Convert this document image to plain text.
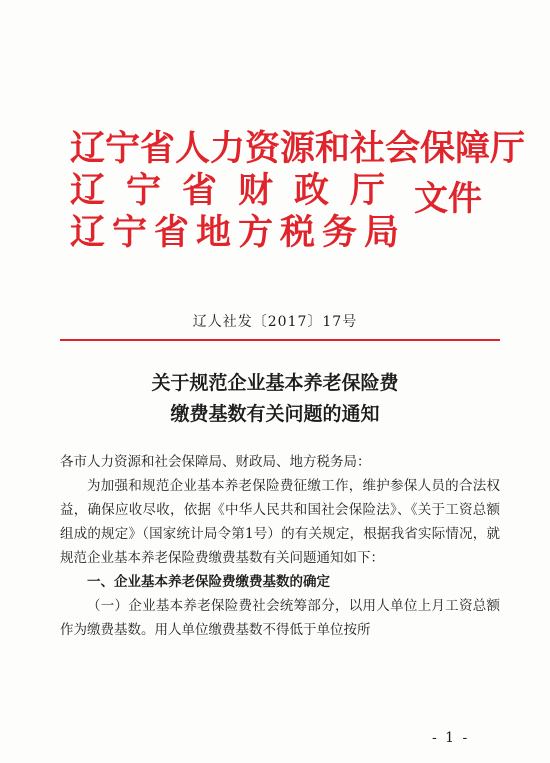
辽宁省人力资源和社会保障厅
辽宁省财政厅
辽宁省地方税务局
文件
辽人社发〔2017〕17号
关于规范企业基本养老保险费
缴费基数有关问题的通知

各市人力资源和社会保障局、财政局、地方税务局：

为加强和规范企业基本养老保险费征缴工作，维护参保人员的合法权益，确保应收尽收，依据《中华人民共和国社会保险法》、《关于工资总额组成的规定》（国家统计局令第1号）的有关规定，根据我省实际情况，就规范企业基本养老保险费缴费基数有关问题通知如下：

一、企业基本养老保险费缴费基数的确定

（一）企业基本养老保险费社会统筹部分，以用人单位上月工资总额作为缴费基数。用人单位缴费基数不得低于单位按所

- 1 -
